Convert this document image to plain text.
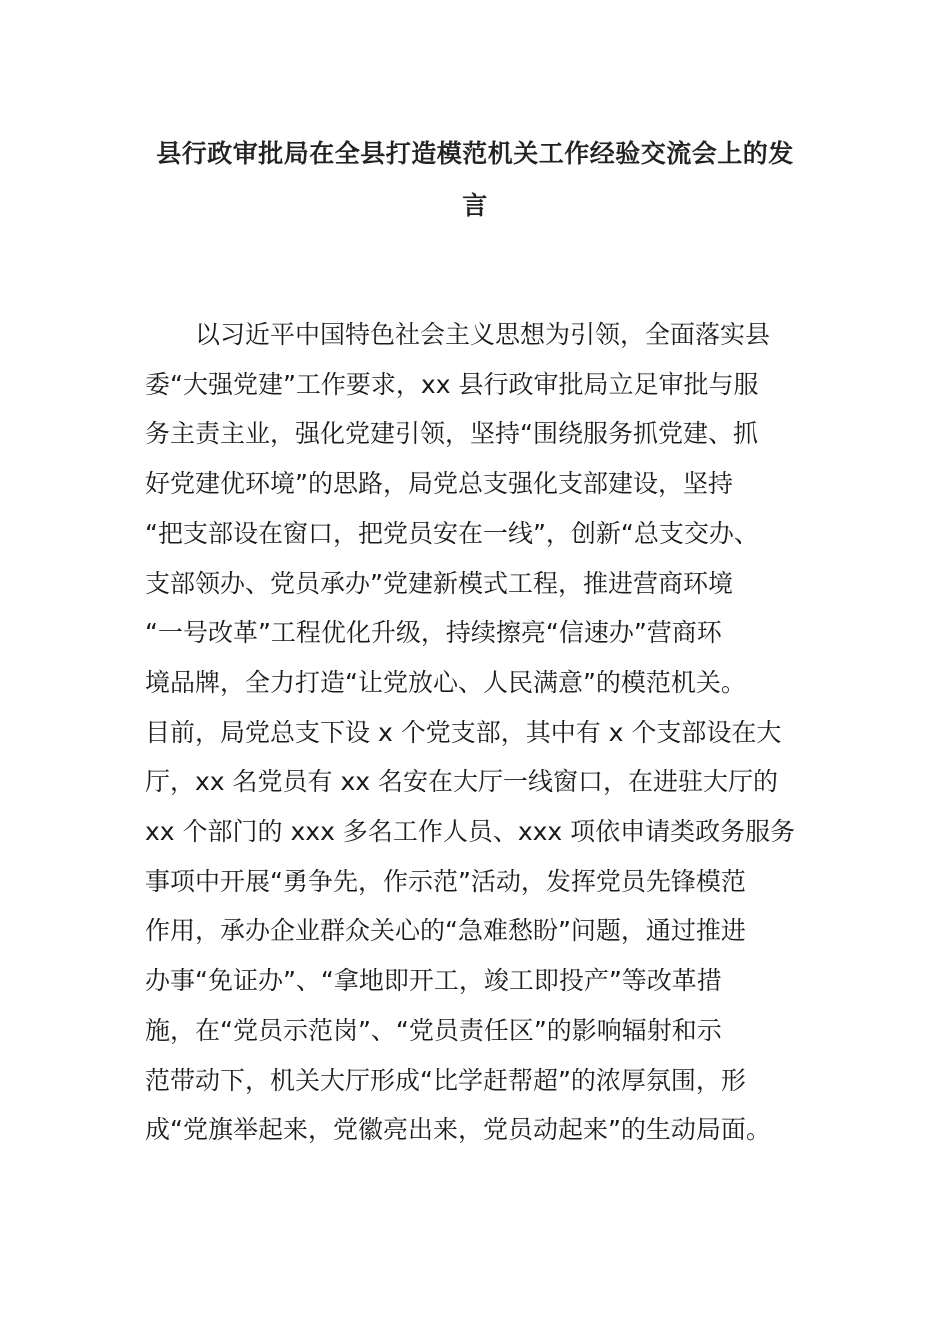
县行政审批局在全县打造模范机关工作经验交流会上的发
言
以习近平中国特色社会主义思想为引领，全面落实县
委“大强党建”工作要求，xx 县行政审批局立足审批与服
务主责主业，强化党建引领，坚持“围绕服务抓党建、抓
好党建优环境”的思路，局党总支强化支部建设，坚持
“把支部设在窗口，把党员安在一线”，创新“总支交办、
支部领办、党员承办”党建新模式工程，推进营商环境
“一号改革”工程优化升级，持续擦亮“信速办”营商环
境品牌，全力打造“让党放心、人民满意”的模范机关。
目前，局党总支下设 x 个党支部，其中有 x 个支部设在大
厅，xx 名党员有 xx 名安在大厅一线窗口，在进驻大厅的
xx 个部门的 xxx 多名工作人员、xxx 项依申请类政务服务
事项中开展“勇争先，作示范”活动，发挥党员先锋模范
作用，承办企业群众关心的“急难愁盼”问题，通过推进
办事“免证办”、“拿地即开工，竣工即投产”等改革措
施，在“党员示范岗”、“党员责任区”的影响辐射和示
范带动下，机关大厅形成“比学赶帮超”的浓厚氛围，形
成“党旗举起来，党徽亮出来，党员动起来”的生动局面。
